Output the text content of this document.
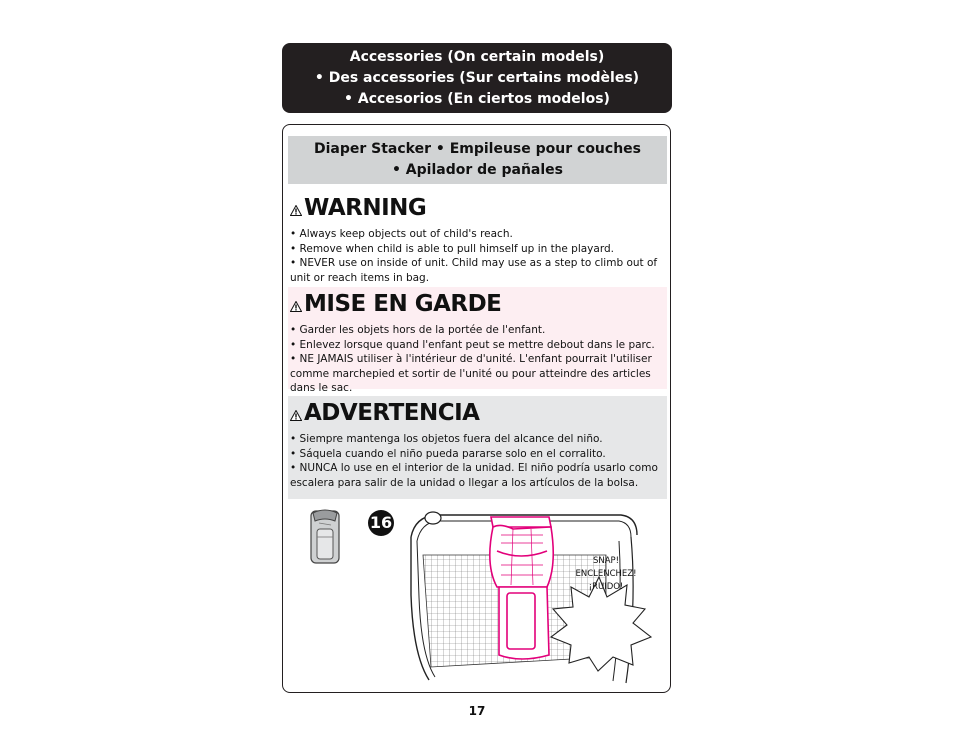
Accessories (On certain models)
• Des accessories (Sur certains modèles)
• Accesorios (En ciertos modelos)
Diaper Stacker • Empileuse pour couches
• Apilador de pañales
WARNING
• Always keep objects out of child's reach.
• Remove when child is able to pull himself up in the playard.
• NEVER use on inside of unit. Child may use as a step to climb out of unit or reach items in bag.
MISE EN GARDE
• Garder les objets hors de la portée de l'enfant.
• Enlevez lorsque quand l'enfant peut se mettre debout dans le parc.
• NE JAMAIS utiliser à l'intérieur de d'unité. L'enfant pourrait l'utiliser comme marchepied et sortir de l'unité ou pour atteindre des articles dans le sac.
ADVERTENCIA
• Siempre mantenga los objetos fuera del alcance del niño.
• Sáquela cuando el niño pueda pararse solo en el corralito.
• NUNCA lo use en el interior de la unidad. El niño podría usarlo como escalera para salir de la unidad o llegar a los artículos de la bolsa.
16
SNAP!
ENCLENCHEZ!
¡RUIDO!
17
